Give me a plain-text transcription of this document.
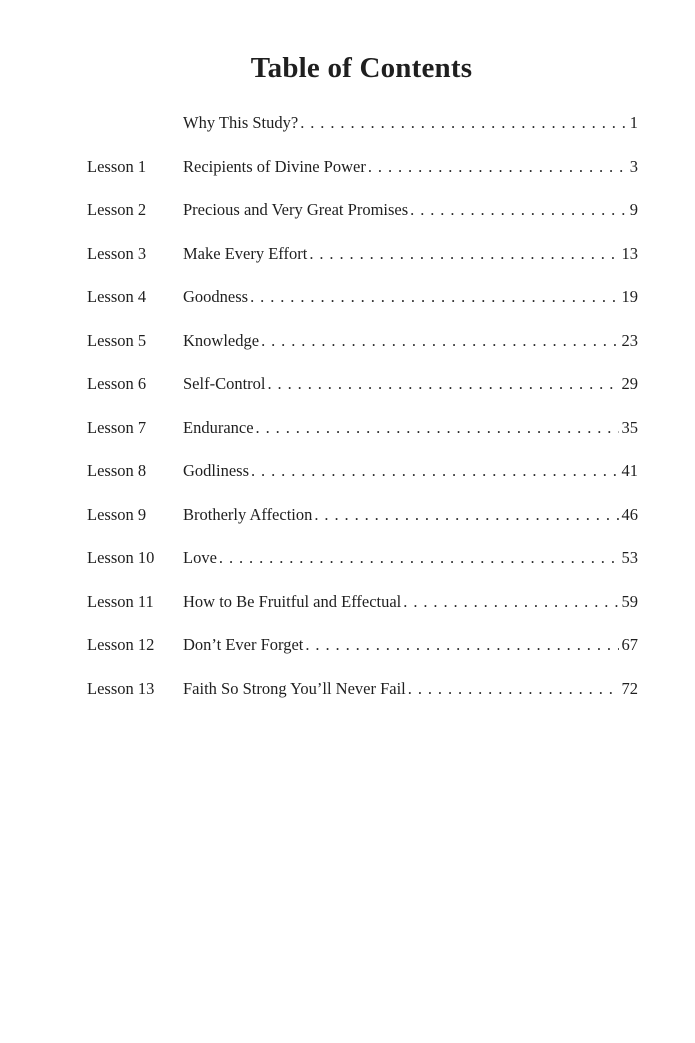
Table of Contents
Why This Study? . . .	1
Lesson 1	Recipients of Divine Power . . .	3
Lesson 2	Precious and Very Great Promises . . .	9
Lesson 3	Make Every Effort . . .	13
Lesson 4	Goodness . . .	19
Lesson 5	Knowledge . . .	23
Lesson 6	Self-Control . . .	29
Lesson 7	Endurance . . .	35
Lesson 8	Godliness . . .	41
Lesson 9	Brotherly Affection . . .	46
Lesson 10	Love . . .	53
Lesson 11	How to Be Fruitful and Effectual . . .	59
Lesson 12	Don’t Ever Forget . . .	67
Lesson 13	Faith So Strong You’ll Never Fail . . .	72
